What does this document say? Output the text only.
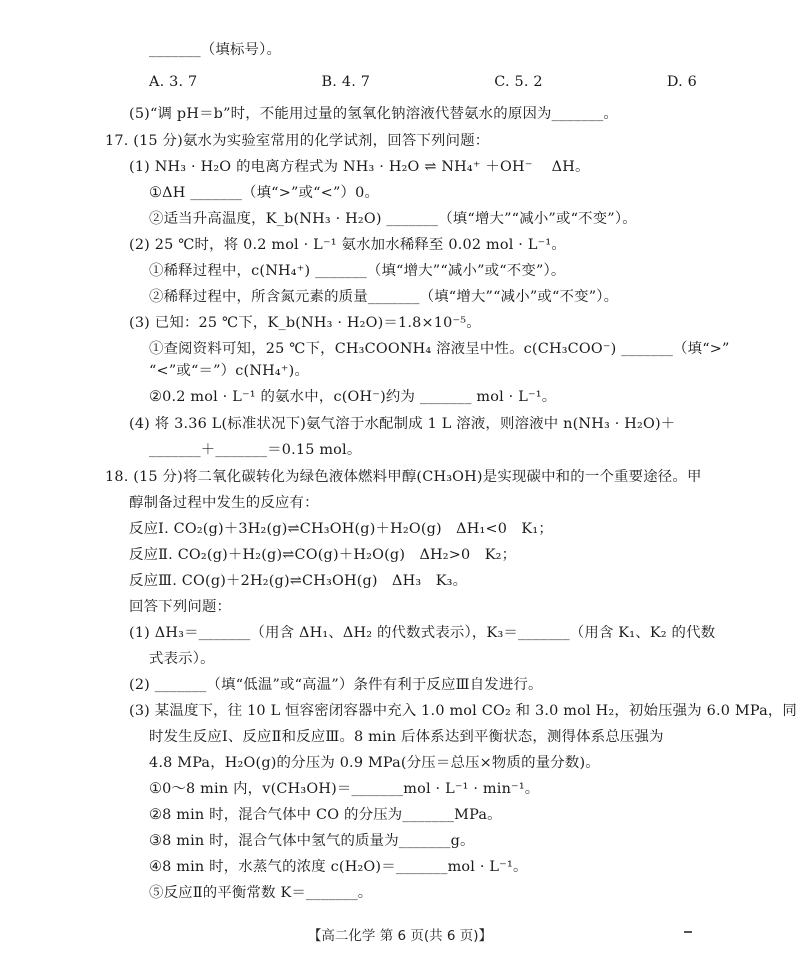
_______（填标号）。
A. 3. 7                          B. 4. 7                          C. 5. 2                          D. 6
(5)“调 pH＝b”时，不能用过量的氢氧化钠溶液代替氨水的原因为_______。
17. (15 分)氨水为实验室常用的化学试剂，回答下列问题：
(1) NH₃ · H₂O 的电离方程式为 NH₃ · H₂O ⇌ NH₄⁺ ＋OH⁻    ΔH。
①ΔH _______（填“>”或“<”）0。
②适当升高温度，K_b(NH₃ · H₂O) _______（填“增大”“减小”或“不变”）。
(2) 25 ℃时，将 0.2 mol · L⁻¹ 氨水加水稀释至 0.02 mol · L⁻¹。
①稀释过程中，c(NH₄⁺) _______（填“增大”“减小”或“不变”）。
②稀释过程中，所含氮元素的质量_______（填“增大”“减小”或“不变”）。
(3) 已知：25 ℃下，K_b(NH₃ · H₂O)＝1.8×10⁻⁵。
①查阅资料可知，25 ℃下，CH₃COONH₄ 溶液呈中性。c(CH₃COO⁻) _______（填“>”
“<”或“＝”）c(NH₄⁺)。
②0.2 mol · L⁻¹ 的氨水中，c(OH⁻)约为 _______ mol · L⁻¹。
(4) 将 3.36 L(标准状况下)氨气溶于水配制成 1 L 溶液，则溶液中 n(NH₃ · H₂O)＋
_______＋_______＝0.15 mol。
18. (15 分)将二氧化碳转化为绿色液体燃料甲醇(CH₃OH)是实现碳中和的一个重要途径。甲
醇制备过程中发生的反应有：
反应Ⅰ. CO₂(g)＋3H₂(g)⇌CH₃OH(g)＋H₂O(g)   ΔH₁<0   K₁；
反应Ⅱ. CO₂(g)＋H₂(g)⇌CO(g)＋H₂O(g)   ΔH₂>0   K₂；
反应Ⅲ. CO(g)＋2H₂(g)⇌CH₃OH(g)   ΔH₃   K₃。
回答下列问题：
(1) ΔH₃＝_______（用含 ΔH₁、ΔH₂ 的代数式表示），K₃＝_______（用含 K₁、K₂ 的代数
式表示）。
(2) _______（填“低温”或“高温”）条件有利于反应Ⅲ自发进行。
(3) 某温度下，往 10 L 恒容密闭容器中充入 1.0 mol CO₂ 和 3.0 mol H₂，初始压强为 6.0 MPa，同
时发生反应Ⅰ、反应Ⅱ和反应Ⅲ。8 min 后体系达到平衡状态，测得体系总压强为
4.8 MPa，H₂O(g)的分压为 0.9 MPa(分压＝总压×物质的量分数)。
①0～8 min 内，v(CH₃OH)＝_______mol · L⁻¹ · min⁻¹。
②8 min 时，混合气体中 CO 的分压为_______MPa。
③8 min 时，混合气体中氢气的质量为_______g。
④8 min 时，水蒸气的浓度 c(H₂O)＝_______mol · L⁻¹。
⑤反应Ⅱ的平衡常数 K＝_______。
【高二化学 第 6 页(共 6 页)】
